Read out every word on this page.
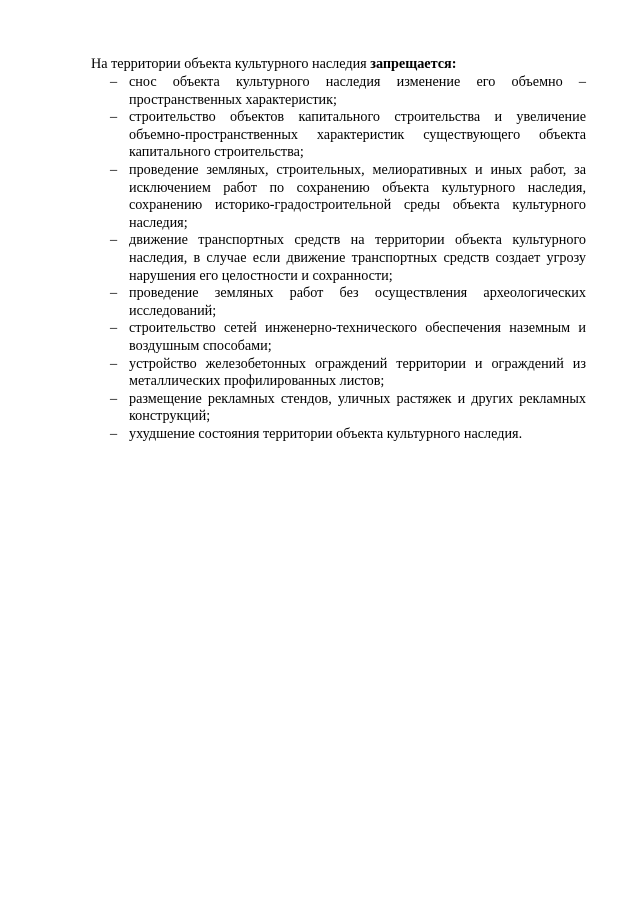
На территории объекта культурного наследия запрещается:

– снос объекта культурного наследия изменение его объемно – пространственных характеристик;
– строительство объектов капитального строительства и увеличение объемно-пространственных характеристик существующего объекта капитального строительства;
– проведение земляных, строительных, мелиоративных и иных работ, за исключением работ по сохранению объекта культурного наследия, сохранению историко-градостроительной среды объекта культурного наследия;
– движение транспортных средств на территории объекта культурного наследия, в случае если движение транспортных средств создает угрозу нарушения его целостности и сохранности;
– проведение земляных работ без осуществления археологических исследований;
– строительство сетей инженерно-технического обеспечения наземным и воздушным способами;
– устройство железобетонных ограждений территории и ограждений из металлических профилированных листов;
– размещение рекламных стендов, уличных растяжек и других рекламных конструкций;
– ухудшение состояния территории объекта культурного наследия.
